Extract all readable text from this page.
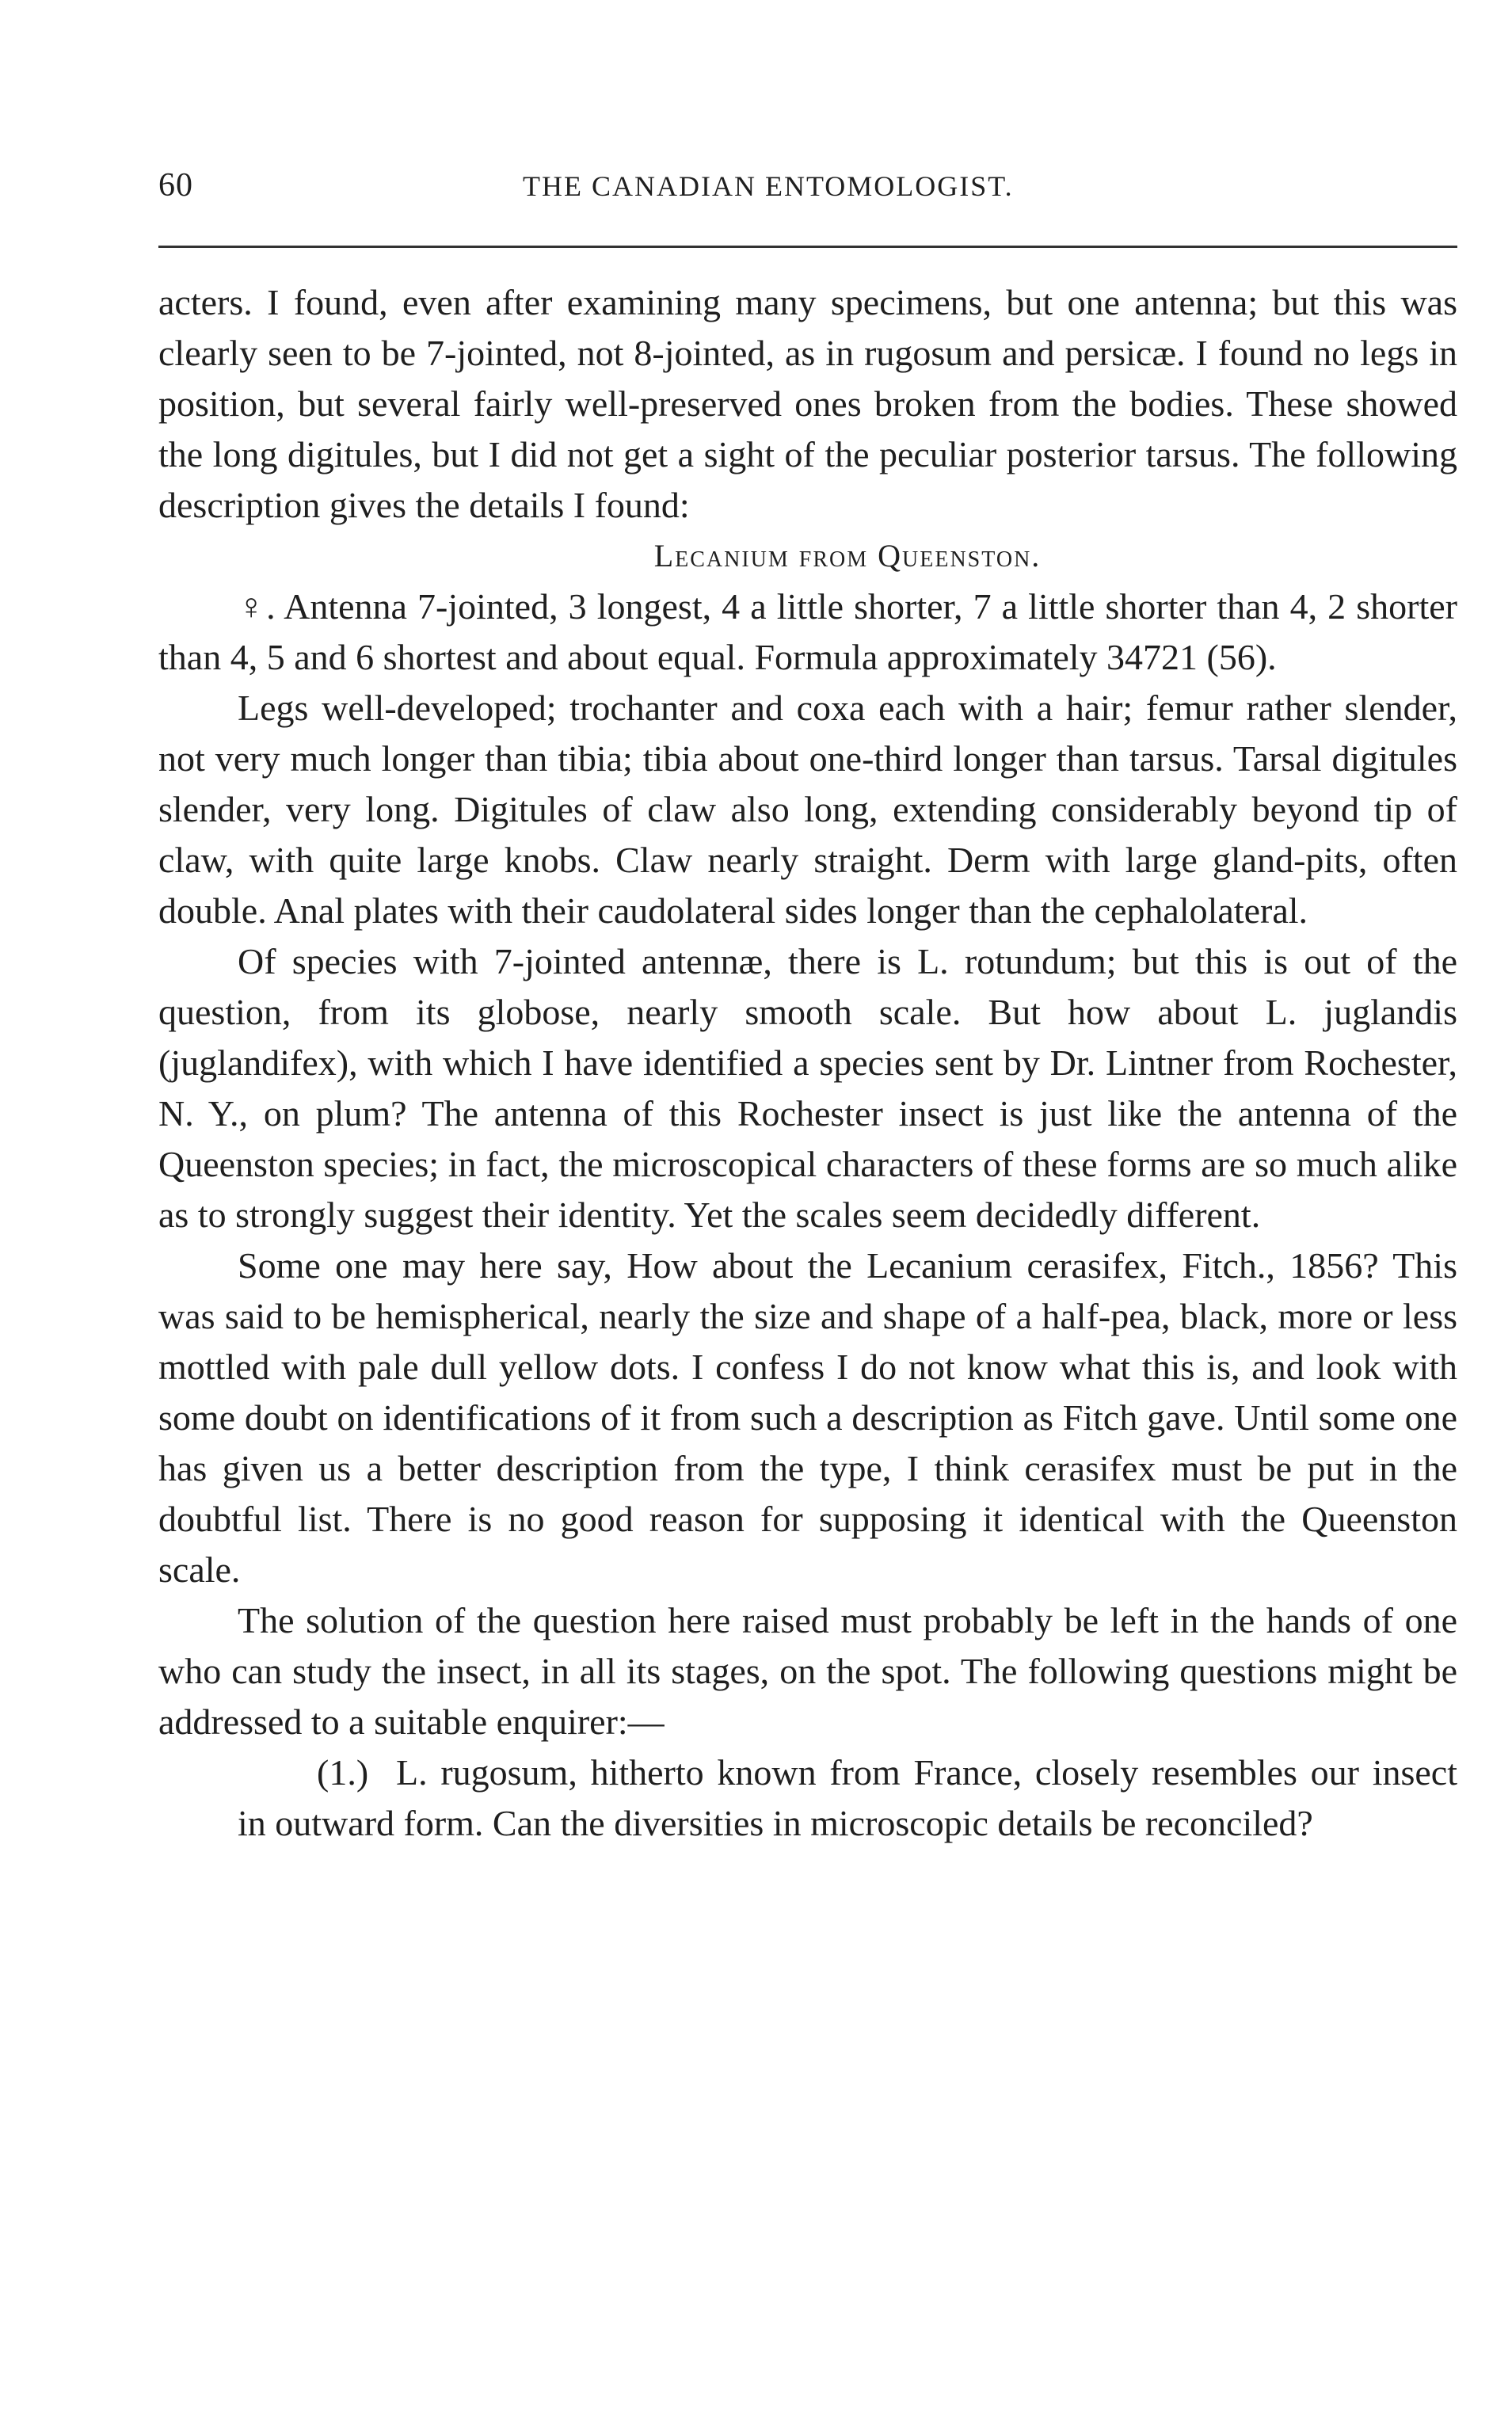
60	THE CANADIAN ENTOMOLOGIST.

acters. I found, even after examining many specimens, but one antenna; but this was clearly seen to be 7-jointed, not 8-jointed, as in rugosum and persicæ. I found no legs in position, but several fairly well-preserved ones broken from the bodies. These showed the long digitules, but I did not get a sight of the peculiar posterior tarsus. The following description gives the details I found:

Lecanium from Queenston.

♀. Antenna 7-jointed, 3 longest, 4 a little shorter, 7 a little shorter than 4, 2 shorter than 4, 5 and 6 shortest and about equal. Formula approximately 34721 (56).

Legs well-developed; trochanter and coxa each with a hair; femur rather slender, not very much longer than tibia; tibia about one-third longer than tarsus. Tarsal digitules slender, very long. Digitules of claw also long, extending considerably beyond tip of claw, with quite large knobs. Claw nearly straight. Derm with large gland-pits, often double. Anal plates with their caudolateral sides longer than the cephalolateral.

Of species with 7-jointed antennæ, there is L. rotundum; but this is out of the question, from its globose, nearly smooth scale. But how about L. juglandis (juglandifex), with which I have identified a species sent by Dr. Lintner from Rochester, N. Y., on plum? The antenna of this Rochester insect is just like the antenna of the Queenston species; in fact, the microscopical characters of these forms are so much alike as to strongly suggest their identity. Yet the scales seem decidedly different.

Some one may here say, How about the Lecanium cerasifex, Fitch., 1856? This was said to be hemispherical, nearly the size and shape of a half-pea, black, more or less mottled with pale dull yellow dots. I confess I do not know what this is, and look with some doubt on identifications of it from such a description as Fitch gave. Until some one has given us a better description from the type, I think cerasifex must be put in the doubtful list. There is no good reason for supposing it identical with the Queenston scale.

The solution of the question here raised must probably be left in the hands of one who can study the insect, in all its stages, on the spot. The following questions might be addressed to a suitable enquirer:—

(1.) L. rugosum, hitherto known from France, closely resembles our insect in outward form. Can the diversities in microscopic details be reconciled?
